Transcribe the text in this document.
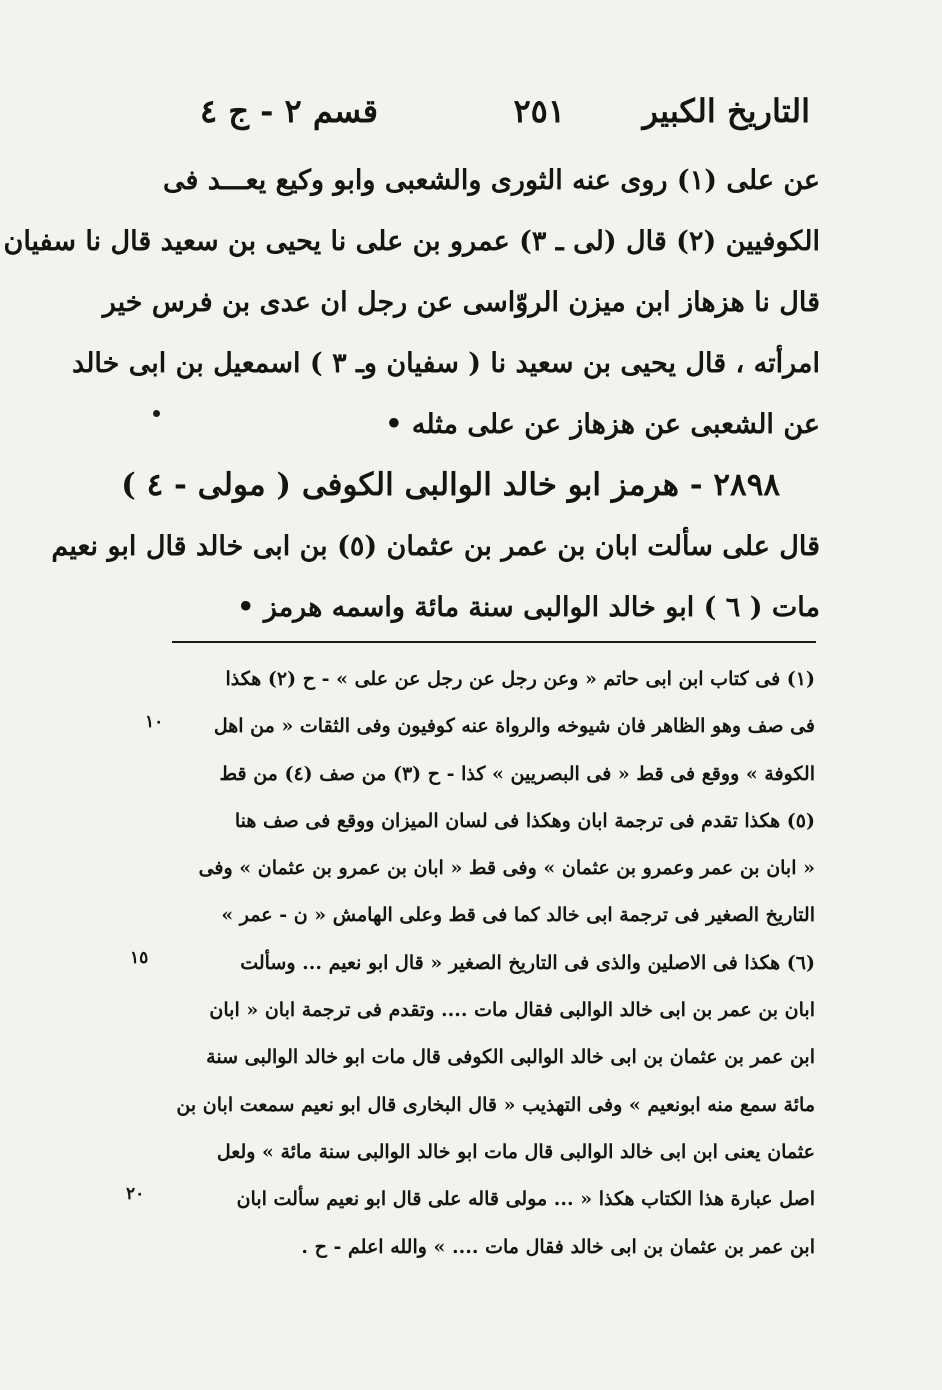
التاريخ الكبير
٢٥١
قسم ٢ - ج ٤
عن على (١) روى عنه الثورى والشعبى وابو وكيع يعـــد فى
الكوفيين (٢) قال (لى ـ ٣) عمرو بن على نا يحيى بن سعيد قال نا سفيان
قال نا هزهاز ابن ميزن الروّاسى عن رجل ان عدى بن فرس خير
امرأته ، قال يحيى بن سعيد نا ( سفيان وـ ٣ ) اسمعيل بن ابى خالد
عن الشعبى عن هزهاز عن على مثله •
٢٨٩٨ - هرمز ابو خالد الوالبى الكوفى ( مولى - ٤ )
قال على سألت ابان بن عمر بن عثمان (٥) بن ابى خالد قال ابو نعيم
مات ( ٦ ) ابو خالد الوالبى سنة مائة واسمه هرمز •
(١) فى كتاب ابن ابى حاتم « وعن رجل عن رجل عن على » - ح (٢) هكذا
فى صف وهو الظاهر فان شيوخه والرواة عنه كوفيون وفى الثقات « من اهل
الكوفة » ووقع فى قط « فى البصريين » كذا - ح (٣) من صف (٤) من قط
(٥) هكذا تقدم فى ترجمة ابان وهكذا فى لسان الميزان ووقع فى صف هنا
« ابان بن عمر وعمرو بن عثمان » وفى قط « ابان بن عمرو بن عثمان » وفى
التاريخ الصغير فى ترجمة ابى خالد كما فى قط وعلى الهامش « ن - عمر »
(٦) هكذا فى الاصلين والذى فى التاريخ الصغير « قال ابو نعيم ... وسألت
ابان بن عمر بن ابى خالد الوالبى فقال مات .... وتقدم فى ترجمة ابان « ابان
ابن عمر بن عثمان بن ابى خالد الوالبى الكوفى قال مات ابو خالد الوالبى سنة
مائة سمع منه ابونعيم » وفى التهذيب « قال البخارى قال ابو نعيم سمعت ابان بن
عثمان يعنى ابن ابى خالد الوالبى قال مات ابو خالد الوالبى سنة مائة » ولعل
اصل عبارة هذا الكتاب هكذا « ... مولى قاله على قال ابو نعيم سألت ابان
ابن عمر بن عثمان بن ابى خالد فقال مات .... » والله اعلم - ح .
١٠
١٥
٢٠
